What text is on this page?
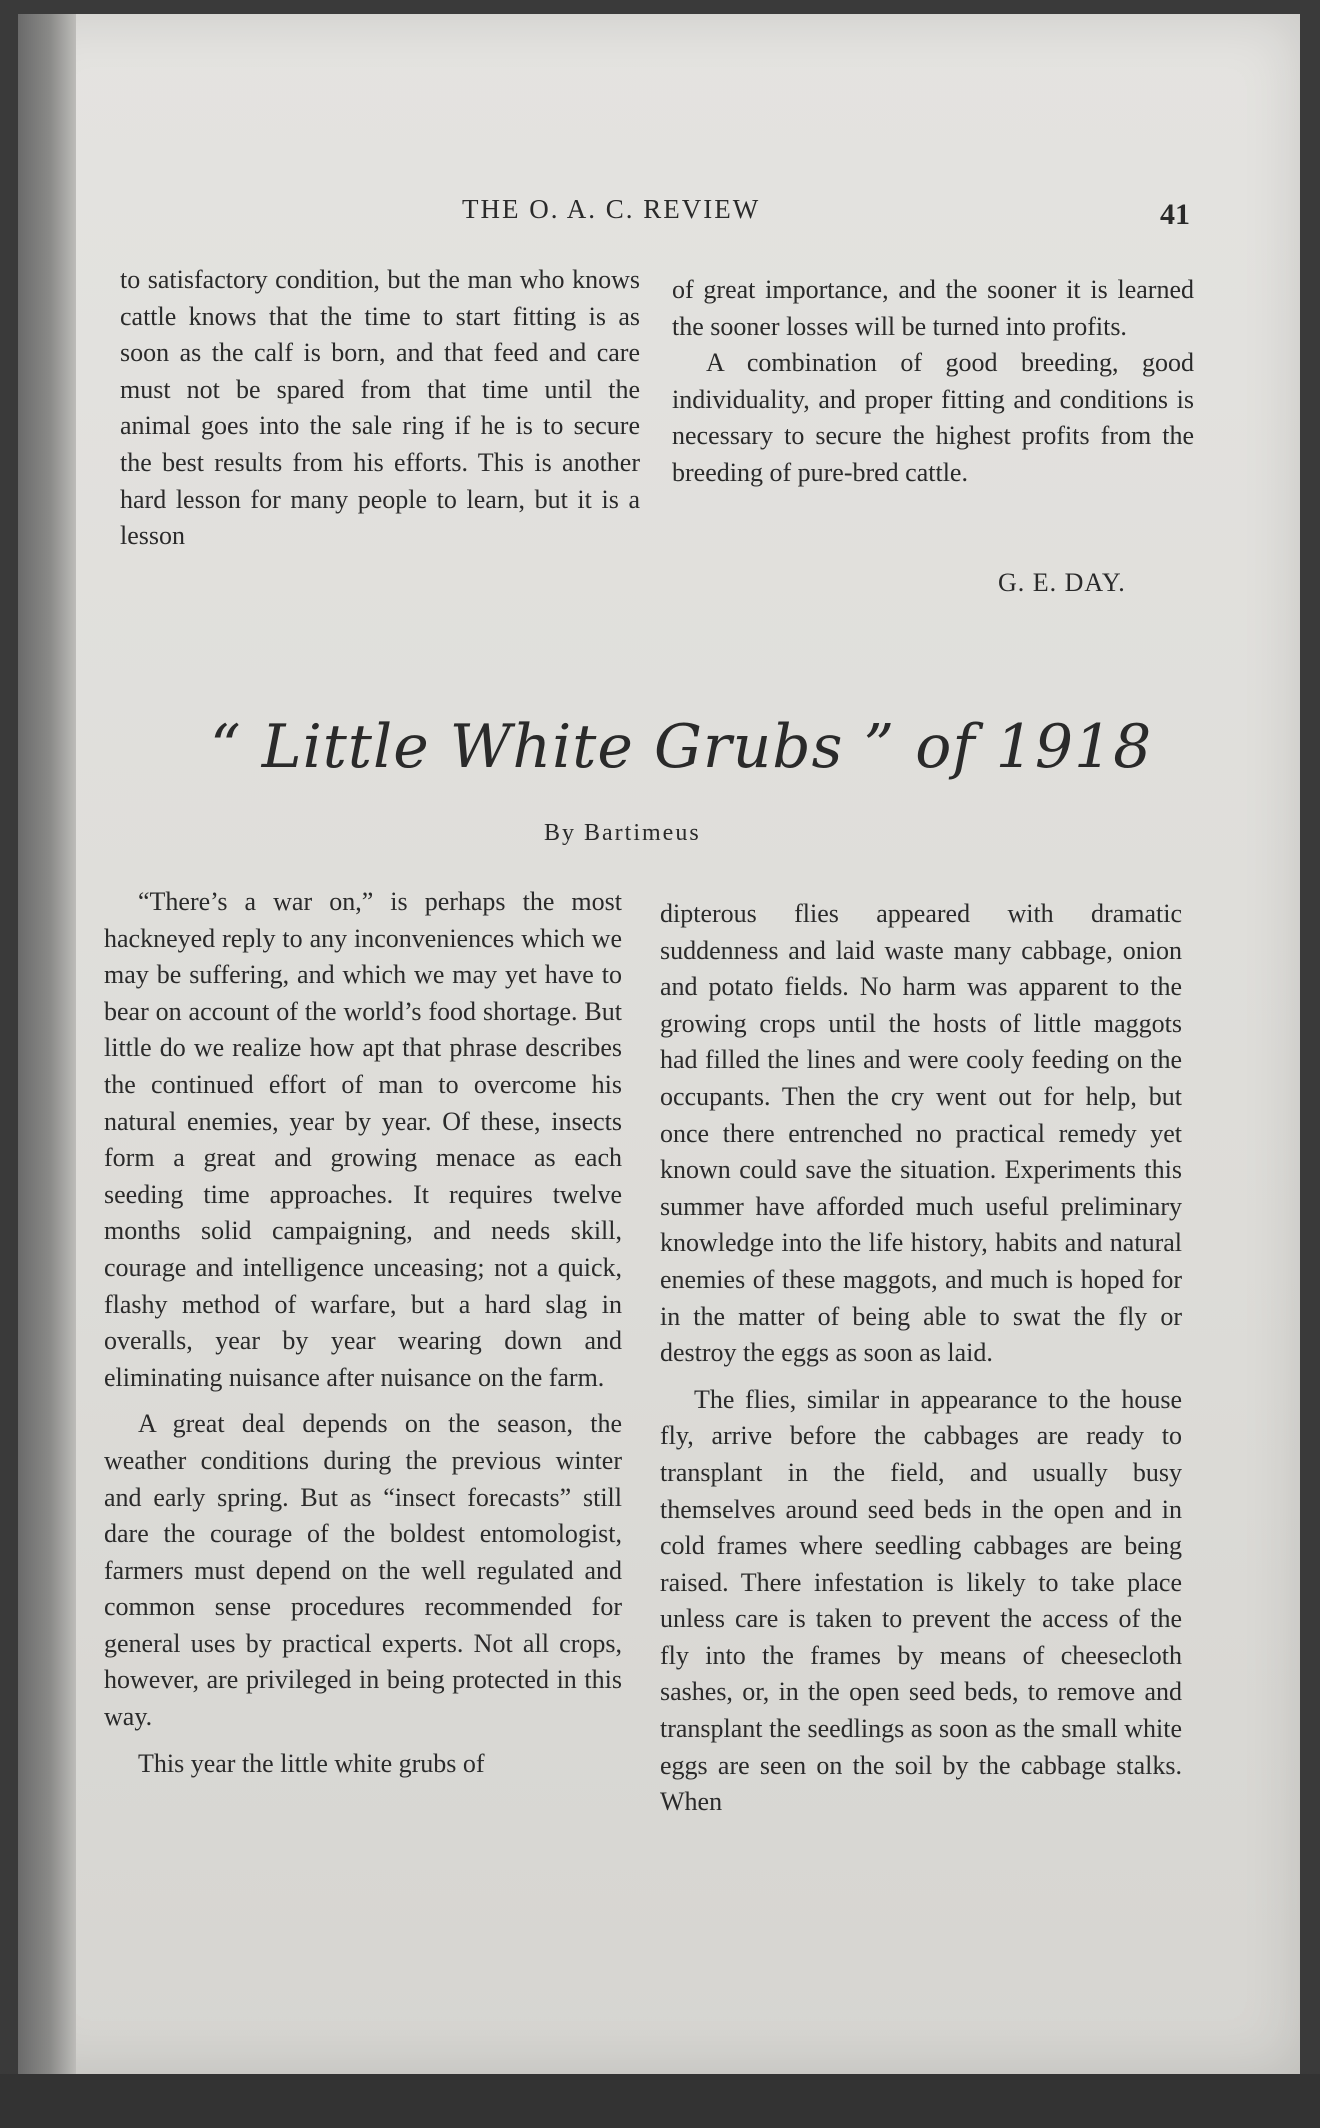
THE O. A. C. REVIEW	41

to satisfactory condition, but the man who knows cattle knows that the time to start fitting is as soon as the calf is born, and that feed and care must not be spared from that time until the animal goes into the sale ring if he is to secure the best results from his efforts. This is another hard lesson for many people to learn, but it is a lesson

of great importance, and the sooner it is learned the sooner losses will be turned into profits.

A combination of good breeding, good individuality, and proper fitting and conditions is necessary to secure the highest profits from the breeding of pure-bred cattle.

G. E. DAY.
“ Little White Grubs ” of 1918
By Bartimeus

“There’s a war on,” is perhaps the most hackneyed reply to any inconveniences which we may be suffering, and which we may yet have to bear on account of the world’s food shortage. But little do we realize how apt that phrase describes the continued effort of man to overcome his natural enemies, year by year. Of these, insects form a great and growing menace as each seeding time approaches. It requires twelve months solid campaigning, and needs skill, courage and intelligence unceasing; not a quick, flashy method of warfare, but a hard slag in overalls, year by year wearing down and eliminating nuisance after nuisance on the farm.

A great deal depends on the season, the weather conditions during the previous winter and early spring. But as “insect forecasts” still dare the courage of the boldest entomologist, farmers must depend on the well regulated and common sense procedures recommended for general uses by practical experts. Not all crops, however, are privileged in being protected in this way.

This year the little white grubs of

dipterous flies appeared with dramatic suddenness and laid waste many cabbage, onion and potato fields. No harm was apparent to the growing crops until the hosts of little maggots had filled the lines and were cooly feeding on the occupants. Then the cry went out for help, but once there entrenched no practical remedy yet known could save the situation. Experiments this summer have afforded much useful preliminary knowledge into the life history, habits and natural enemies of these maggots, and much is hoped for in the matter of being able to swat the fly or destroy the eggs as soon as laid.

The flies, similar in appearance to the house fly, arrive before the cabbages are ready to transplant in the field, and usually busy themselves around seed beds in the open and in cold frames where seedling cabbages are being raised. There infestation is likely to take place unless care is taken to prevent the access of the fly into the frames by means of cheesecloth sashes, or, in the open seed beds, to remove and transplant the seedlings as soon as the small white eggs are seen on the soil by the cabbage stalks. When
